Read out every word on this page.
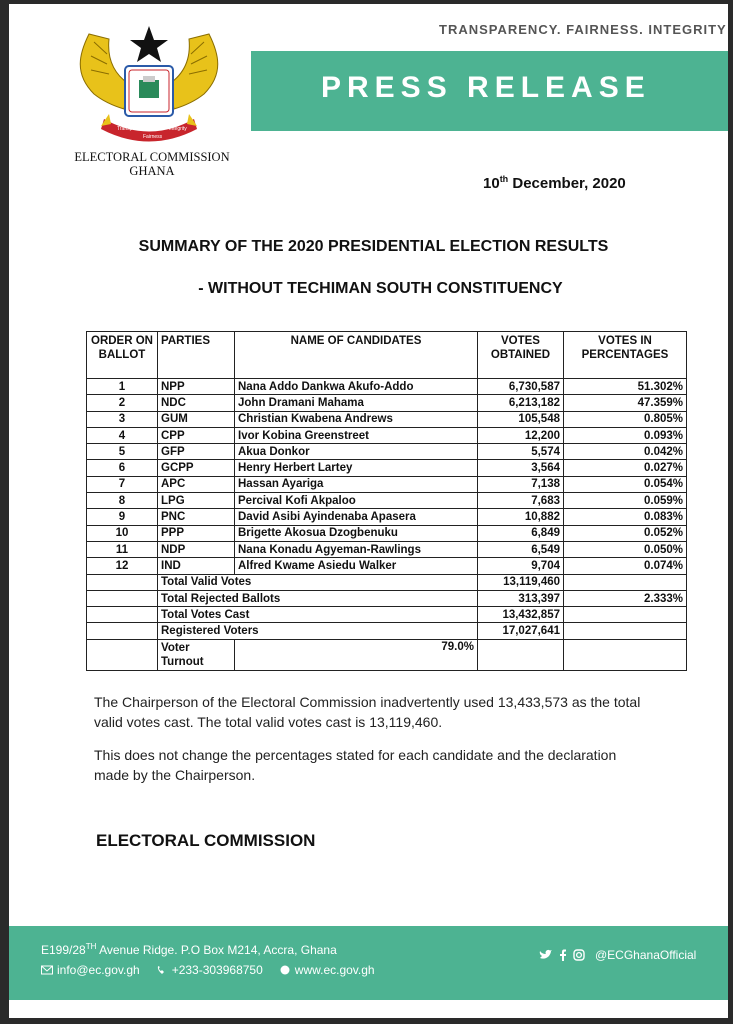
TRANSPARENCY. FAIRNESS. INTEGRITY
PRESS RELEASE
Transparency	Integrity
Fairness
ELECTORAL COMMISSION
GHANA
10th December, 2020
SUMMARY OF THE 2020 PRESIDENTIAL ELECTION RESULTS
- WITHOUT TECHIMAN SOUTH CONSTITUENCY
ORDER ON BALLOT	PARTIES	NAME OF CANDIDATES	VOTES OBTAINED	VOTES IN PERCENTAGES
1	NPP	Nana Addo Dankwa Akufo-Addo	6,730,587	51.302%
2	NDC	John Dramani Mahama	6,213,182	47.359%
3	GUM	Christian Kwabena Andrews	105,548	0.805%
4	CPP	Ivor Kobina Greenstreet	12,200	0.093%
5	GFP	Akua Donkor	5,574	0.042%
6	GCPP	Henry Herbert Lartey	3,564	0.027%
7	APC	Hassan Ayariga	7,138	0.054%
8	LPG	Percival Kofi Akpaloo	7,683	0.059%
9	PNC	David Asibi Ayindenaba Apasera	10,882	0.083%
10	PPP	Brigette Akosua Dzogbenuku	6,849	0.052%
11	NDP	Nana Konadu Agyeman-Rawlings	6,549	0.050%
12	IND	Alfred Kwame Asiedu Walker	9,704	0.074%
	Total Valid Votes		13,119,460	
	Total Rejected Ballots		313,397	2.333%
	Total Votes Cast		13,432,857	
	Registered Voters		17,027,641	
	Voter Turnout	79.0%		
The Chairperson of the Electoral Commission inadvertently used 13,433,573 as the total valid votes cast. The total valid votes cast is 13,119,460.
This does not change the percentages stated for each candidate and the declaration made by the Chairperson.
ELECTORAL COMMISSION
E199/28TH Avenue Ridge. P.O Box M214, Accra, Ghana
info@ec.gov.gh	+233-303968750	www.ec.gov.gh
@ECGhanaOfficial
